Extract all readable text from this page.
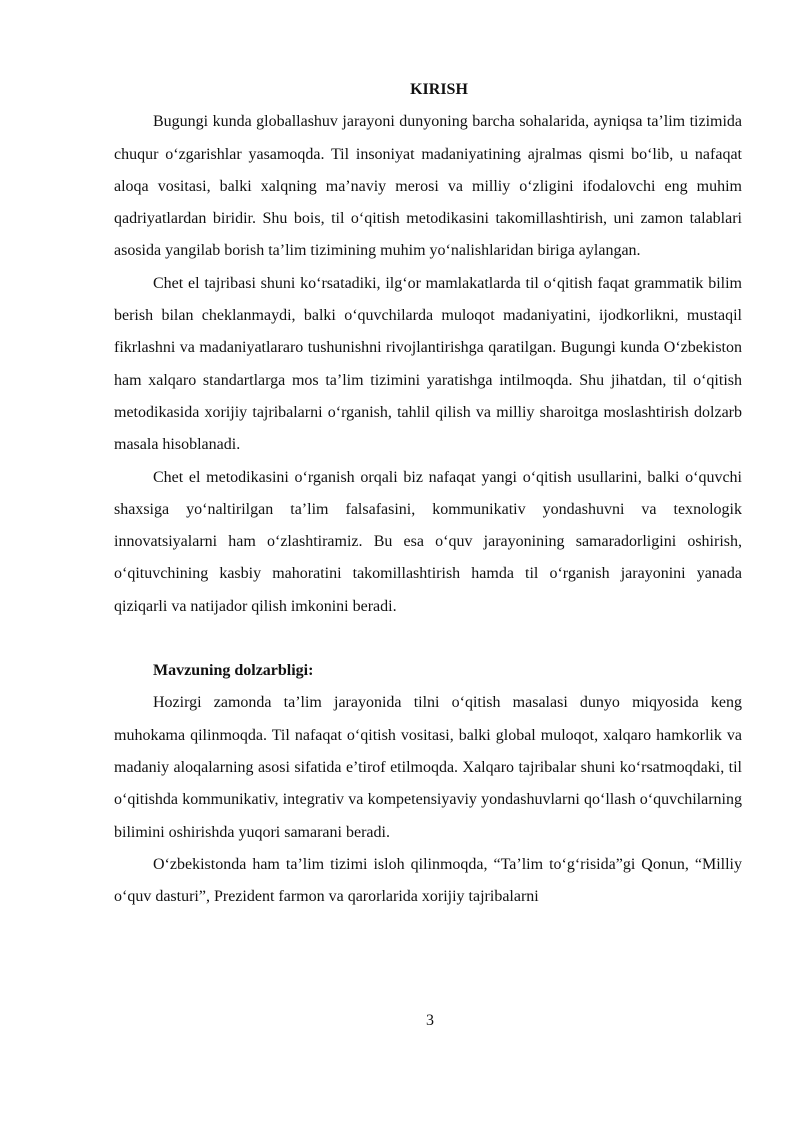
KIRISH

Bugungi kunda globallashuv jarayoni dunyoning barcha sohalarida, ayniqsa ta’lim tizimida chuqur o‘zgarishlar yasamoqda. Til insoniyat madaniyatining ajralmas qismi bo‘lib, u nafaqat aloqa vositasi, balki xalqning ma’naviy merosi va milliy o‘zligini ifodalovchi eng muhim qadriyatlardan biridir. Shu bois, til o‘qitish metodikasini takomillashtirish, uni zamon talablari asosida yangilab borish ta’lim tizimining muhim yo‘nalishlaridan biriga aylangan.

Chet el tajribasi shuni ko‘rsatadiki, ilg‘or mamlakatlarda til o‘qitish faqat grammatik bilim berish bilan cheklanmaydi, balki o‘quvchilarda muloqot madaniyatini, ijodkorlikni, mustaqil fikrlashni va madaniyatlararo tushunishni rivojlantirishga qaratilgan. Bugungi kunda O‘zbekiston ham xalqaro standartlarga mos ta’lim tizimini yaratishga intilmoqda. Shu jihatdan, til o‘qitish metodikasida xorijiy tajribalarni o‘rganish, tahlil qilish va milliy sharoitga moslashtirish dolzarb masala hisoblanadi.

Chet el metodikasini o‘rganish orqali biz nafaqat yangi o‘qitish usullarini, balki o‘quvchi shaxsiga yo‘naltirilgan ta’lim falsafasini, kommunikativ yondashuvni va texnologik innovatsiyalarni ham o‘zlashtiramiz. Bu esa o‘quv jarayonining samaradorligini oshirish, o‘qituvchining kasbiy mahoratini takomillashtirish hamda til o‘rganish jarayonini yanada qiziqarli va natijador qilish imkonini beradi.

Mavzuning dolzarbligi:

Hozirgi zamonda ta’lim jarayonida tilni o‘qitish masalasi dunyo miqyosida keng muhokama qilinmoqda. Til nafaqat o‘qitish vositasi, balki global muloqot, xalqaro hamkorlik va madaniy aloqalarning asosi sifatida e’tirof etilmoqda. Xalqaro tajribalar shuni ko‘rsatmoqdaki, til o‘qitishda kommunikativ, integrativ va kompetensiyaviy yondashuvlarni qo‘llash o‘quvchilarning bilimini oshirishda yuqori samarani beradi.

O‘zbekistonda ham ta’lim tizimi isloh qilinmoqda, “Ta’lim to‘g‘risida”gi Qonun, “Milliy o‘quv dasturi”, Prezident farmon va qarorlarida xorijiy tajribalarni

3
